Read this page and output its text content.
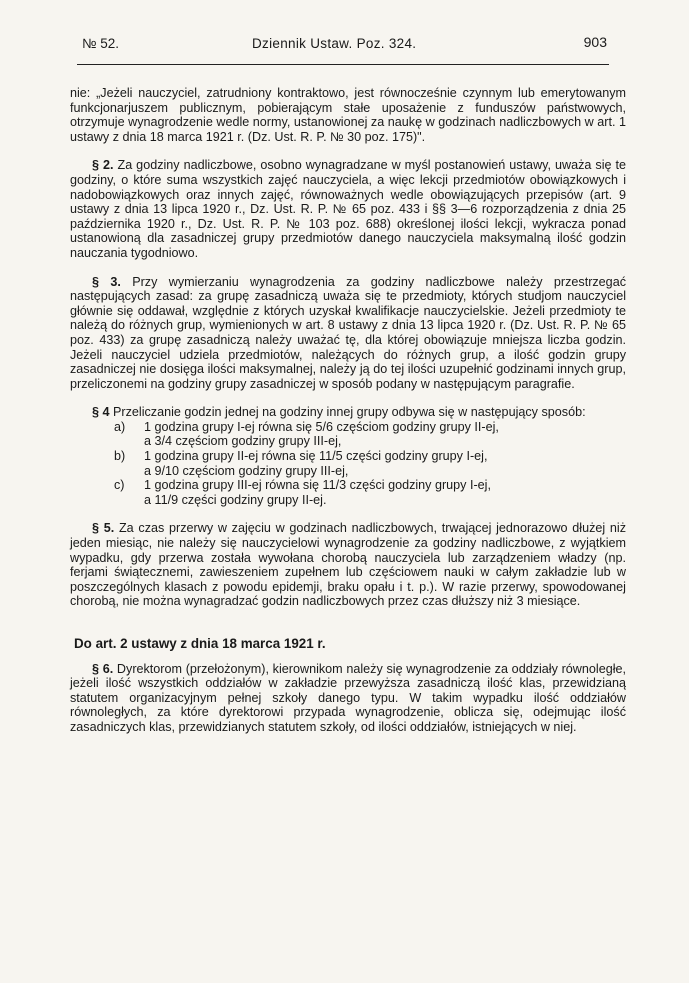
№ 52.	Dziennik Ustaw. Poz. 324.	903

nie: „Jeżeli nauczyciel, zatrudniony kontraktowo, jest równocześnie czynnym lub emerytowanym funkcjonarjuszem publicznym, pobierającym stałe uposażenie z funduszów państwowych, otrzymuje wynagrodzenie wedle normy, ustanowionej za naukę w godzinach nadliczbowych w art. 1 ustawy z dnia 18 marca 1921 r. (Dz. Ust. R. P. № 30 poz. 175)".

§ 2. Za godziny nadliczbowe, osobno wynagradzane w myśl postanowień ustawy, uważa się te godziny, o które suma wszystkich zajęć nauczyciela, a więc lekcji przedmiotów obowiązkowych i nadobowiązkowych oraz innych zajęć, równoważnych wedle obowiązujących przepisów (art. 9 ustawy z dnia 13 lipca 1920 r., Dz. Ust. R. P. № 65 poz. 433 i §§ 3—6 rozporządzenia z dnia 25 października 1920 r., Dz. Ust. R. P. № 103 poz. 688) określonej ilości lekcji, wykracza ponad ustanowioną dla zasadniczej grupy przedmiotów danego nauczyciela maksymalną ilość godzin nauczania tygodniowo.

§ 3. Przy wymierzaniu wynagrodzenia za godziny nadliczbowe należy przestrzegać następujących zasad: za grupę zasadniczą uważa się te przedmioty, których studjom nauczyciel głównie się oddawał, względnie z których uzyskał kwalifikacje nauczycielskie. Jeżeli przedmioty te należą do różnych grup, wymienionych w art. 8 ustawy z dnia 13 lipca 1920 r. (Dz. Ust. R. P. № 65 poz. 433) za grupę zasadniczą należy uważać tę, dla której obowiązuje mniejsza liczba godzin. Jeżeli nauczyciel udziela przedmiotów, należących do różnych grup, a ilość godzin grupy zasadniczej nie dosięga ilości maksymalnej, należy ją do tej ilości uzupełnić godzinami innych grup, przeliczonemi na godziny grupy zasadniczej w sposób podany w następującym paragrafie.

§ 4 Przeliczanie godzin jednej na godziny innej grupy odbywa się w następujący sposób:

a) 1 godzina grupy I-ej równa się 5/6 częściom godziny grupy II-ej,
a 3/4 częściom godziny grupy III-ej,
b) 1 godzina grupy II-ej równa się 11/5 części godziny grupy I-ej,
a 9/10 częściom godziny grupy III-ej,
c) 1 godzina grupy III-ej równa się 11/3 części godziny grupy I-ej,
a 11/9 części godziny grupy II-ej.

§ 5. Za czas przerwy w zajęciu w godzinach nadliczbowych, trwającej jednorazowo dłużej niż jeden miesiąc, nie należy się nauczycielowi wynagrodzenie za godziny nadliczbowe, z wyjątkiem wypadku, gdy przerwa została wywołana chorobą nauczyciela lub zarządzeniem władzy (np. ferjami świątecznemi, zawieszeniem zupełnem lub częściowem nauki w całym zakładzie lub w poszczególnych klasach z powodu epidemji, braku opału i t. p.). W razie przerwy, spowodowanej chorobą, nie można wynagradzać godzin nadliczbowych przez czas dłuższy niż 3 miesiące.

Do art. 2 ustawy z dnia 18 marca 1921 r.

§ 6. Dyrektorom (przełożonym), kierownikom należy się wynagrodzenie za oddziały równoległe, jeżeli ilość wszystkich oddziałów w zakładzie przewyższa zasadniczą ilość klas, przewidzianą statutem organizacyjnym pełnej szkoły danego typu. W takim wypadku ilość oddziałów równoległych, za które dyrektorowi przypada wynagrodzenie, oblicza się, odejmując ilość zasadniczych klas, przewidzianych statutem szkoły, od ilości oddziałów, istniejących w niej.
